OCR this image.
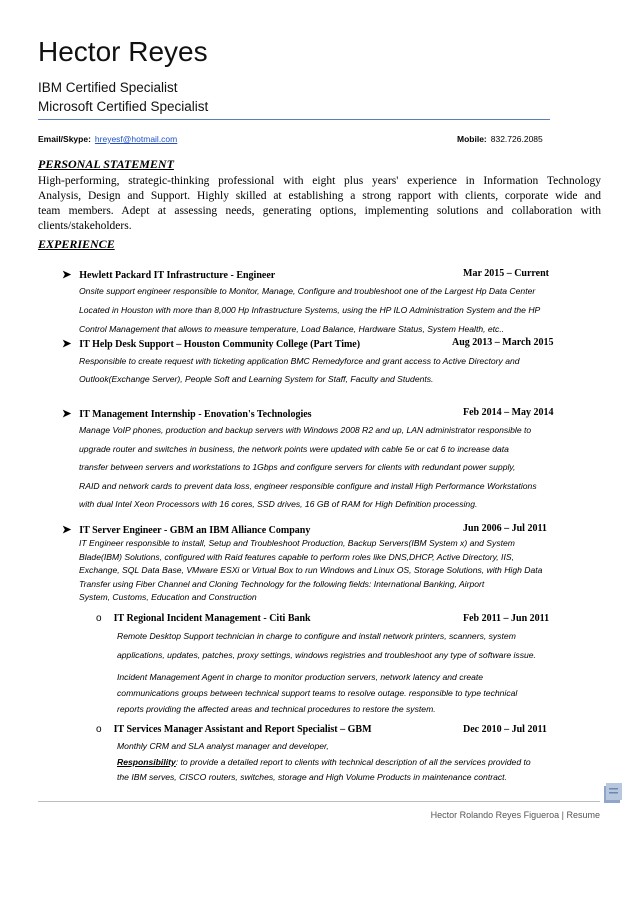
Hector Reyes
IBM Certified Specialist
Microsoft Certified Specialist
Email/Skype: hreyesf@hotmail.com	Mobile: 832.726.2085
PERSONAL STATEMENT
High-performing, strategic-thinking professional with eight plus years' experience in Information Technology
Analysis, Design and Support. Highly skilled at establishing a strong rapport with clients, corporate wide and
team members. Adept at assessing needs, generating options, implementing solutions and collaboration with
clients/stakeholders.
EXPERIENCE
➤ Hewlett Packard IT Infrastructure - Engineer	Mar 2015 – Current
Onsite support engineer responsible to Monitor, Manage, Configure and troubleshoot one of the Largest Hp Data Center
Located in Houston with more than 8,000 Hp Infrastructure Systems, using the HP ILO Administration System and the HP
Control Management that allows to measure temperature, Load Balance, Hardware Status, System Health, etc..
➤ IT Help Desk Support – Houston Community College (Part Time)	Aug 2013 – March 2015
Responsible to create request with ticketing application BMC Remedyforce and grant access to Active Directory and
Outlook(Exchange Server), People Soft and Learning System for Staff, Faculty and Students.
➤ IT Management Internship - Enovation's Technologies	Feb 2014 – May 2014
Manage VoIP phones, production and backup servers with Windows 2008 R2 and up, LAN administrator responsible to
upgrade router and switches in business, the network points were updated with cable 5e or cat 6 to increase data
transfer between servers and workstations to 1Gbps and configure servers for clients with redundant power supply,
RAID and network cards to prevent data loss, engineer responsible configure and install High Performance Workstations
with dual Intel Xeon Processors with 16 cores, SSD drives, 16 GB of RAM for High Definition processing.
➤ IT Server Engineer - GBM an IBM Alliance Company	Jun 2006 – Jul 2011
IT Engineer responsible to install, Setup and Troubleshoot Production, Backup Servers(IBM System x) and System
Blade(IBM) Solutions, configured with Raid features capable to perform roles like DNS,DHCP, Active Directory, IIS,
Exchange, SQL Data Base, VMware ESXi or Virtual Box to run Windows and Linux OS, Storage Solutions, with High Data
Transfer using Fiber Channel and Cloning Technology for the following fields: International Banking, Airport
System, Customs, Education and Construction
o IT Regional Incident Management - Citi Bank	Feb 2011 – Jun 2011
Remote Desktop Support technician in charge to configure and install network printers, scanners, system
applications, updates, patches, proxy settings, windows registries and troubleshoot any type of software issue.
Incident Management Agent in charge to monitor production servers, network latency and create
communications groups between technical support teams to resolve outage. responsible to type technical
reports providing the affected areas and technical procedures to restore the system.
o IT Services Manager Assistant and Report Specialist – GBM	Dec 2010 – Jul 2011
Monthly CRM and SLA analyst manager and developer,
Responsibility: to provide a detailed report to clients with technical description of all the services provided to
the IBM serves, CISCO routers, switches, storage and High Volume Products in maintenance contract.
Hector Rolando Reyes Figueroa | Resume
